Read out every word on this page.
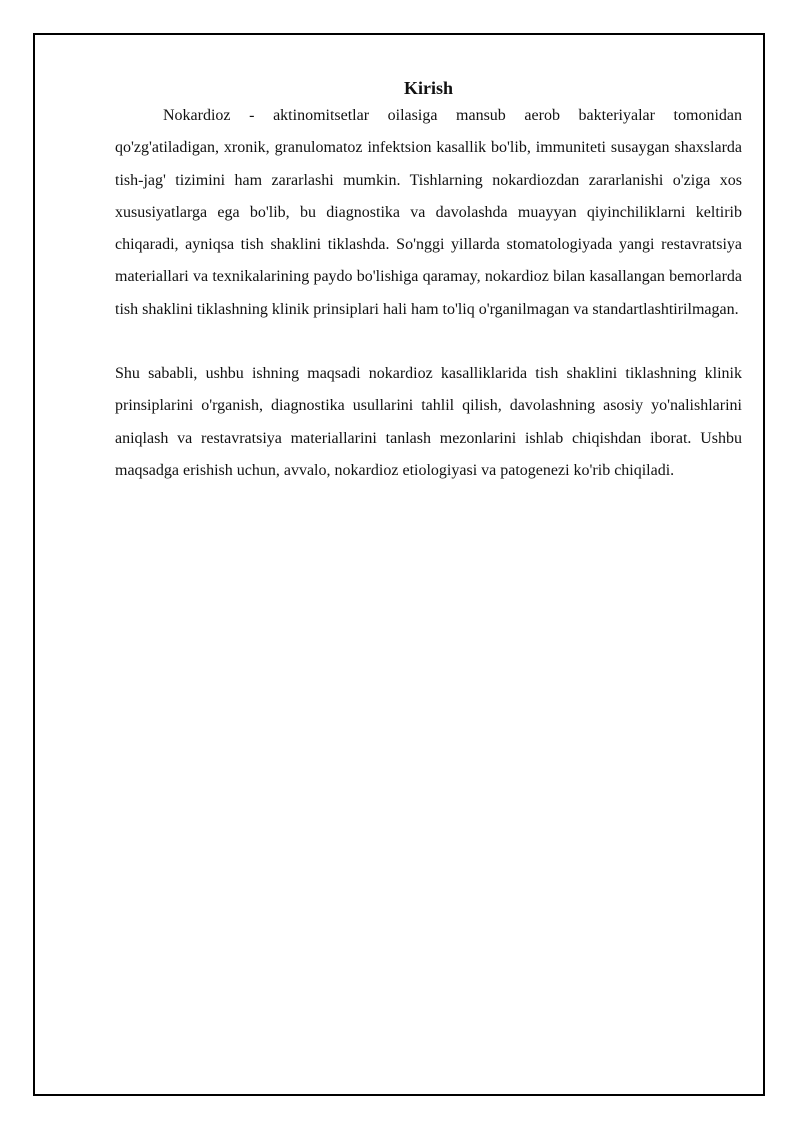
Kirish

Nokardioz - aktinomitsetlar oilasiga mansub aerob bakteriyalar tomonidan qo'zg'atiladigan, xronik, granulomatoz infektsion kasallik bo'lib, immuniteti susaygan shaxslarda tish-jag' tizimini ham zararlashi mumkin. Tishlarning nokardiozdan zararlanishi o'ziga xos xususiyatlarga ega bo'lib, bu diagnostika va davolashda muayyan qiyinchiliklarni keltirib chiqaradi, ayniqsa tish shaklini tiklashda. So'nggi yillarda stomatologiyada yangi restavratsiya materiallari va texnikalarining paydo bo'lishiga qaramay, nokardioz bilan kasallangan bemorlarda tish shaklini tiklashning klinik prinsiplari hali ham to'liq o'rganilmagan va standartlashtirilmagan.

Shu sababli, ushbu ishning maqsadi nokardioz kasalliklarida tish shaklini tiklashning klinik prinsiplarini o'rganish, diagnostika usullarini tahlil qilish, davolashning asosiy yo'nalishlarini aniqlash va restavratsiya materiallarini tanlash mezonlarini ishlab chiqishdan iborat. Ushbu maqsadga erishish uchun, avvalo, nokardioz etiologiyasi va patogenezi ko'rib chiqiladi.
